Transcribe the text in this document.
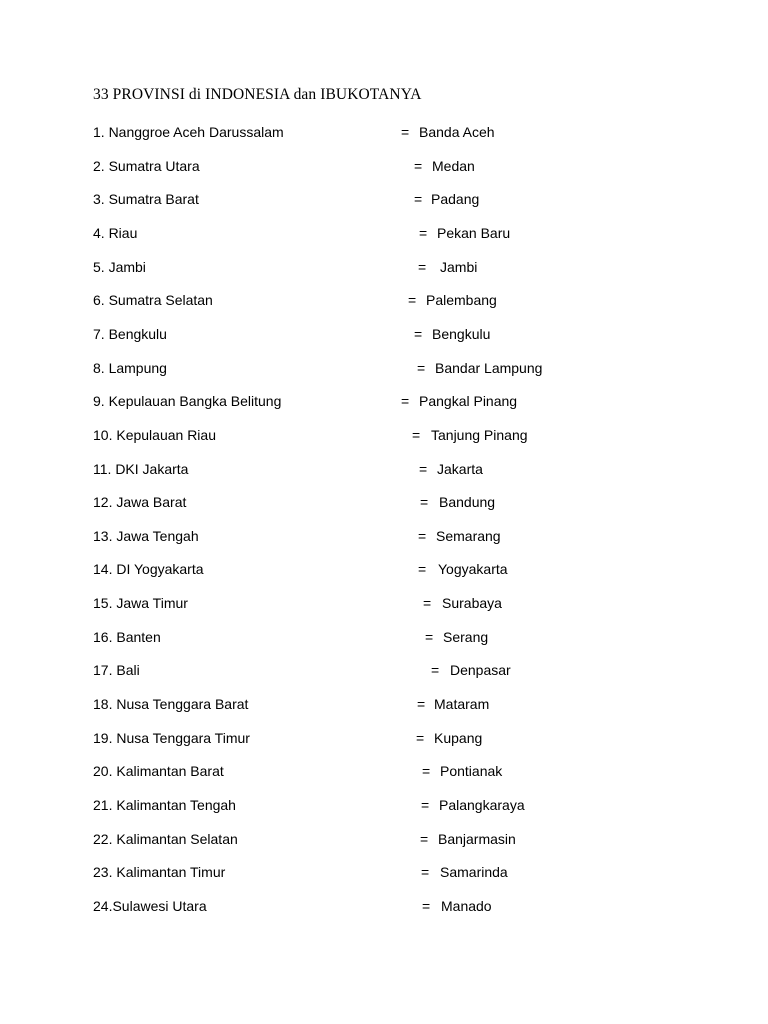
33 PROVINSI di INDONESIA dan IBUKOTANYA
1. Nanggroe Aceh Darussalam	= Banda Aceh
2. Sumatra Utara	= Medan
3. Sumatra Barat	= Padang
4. Riau	= Pekan Baru
5. Jambi	= Jambi
6. Sumatra Selatan	= Palembang
7. Bengkulu	= Bengkulu
8. Lampung	= Bandar Lampung
9. Kepulauan Bangka Belitung	= Pangkal Pinang
10. Kepulauan Riau	= Tanjung Pinang
11. DKI Jakarta	= Jakarta
12. Jawa Barat	= Bandung
13. Jawa Tengah	= Semarang
14. DI Yogyakarta	= Yogyakarta
15. Jawa Timur	= Surabaya
16. Banten	= Serang
17. Bali	= Denpasar
18. Nusa Tenggara Barat	= Mataram
19. Nusa Tenggara Timur	= Kupang
20. Kalimantan Barat	= Pontianak
21. Kalimantan Tengah	= Palangkaraya
22. Kalimantan Selatan	= Banjarmasin
23. Kalimantan Timur	= Samarinda
24.Sulawesi Utara	= Manado
